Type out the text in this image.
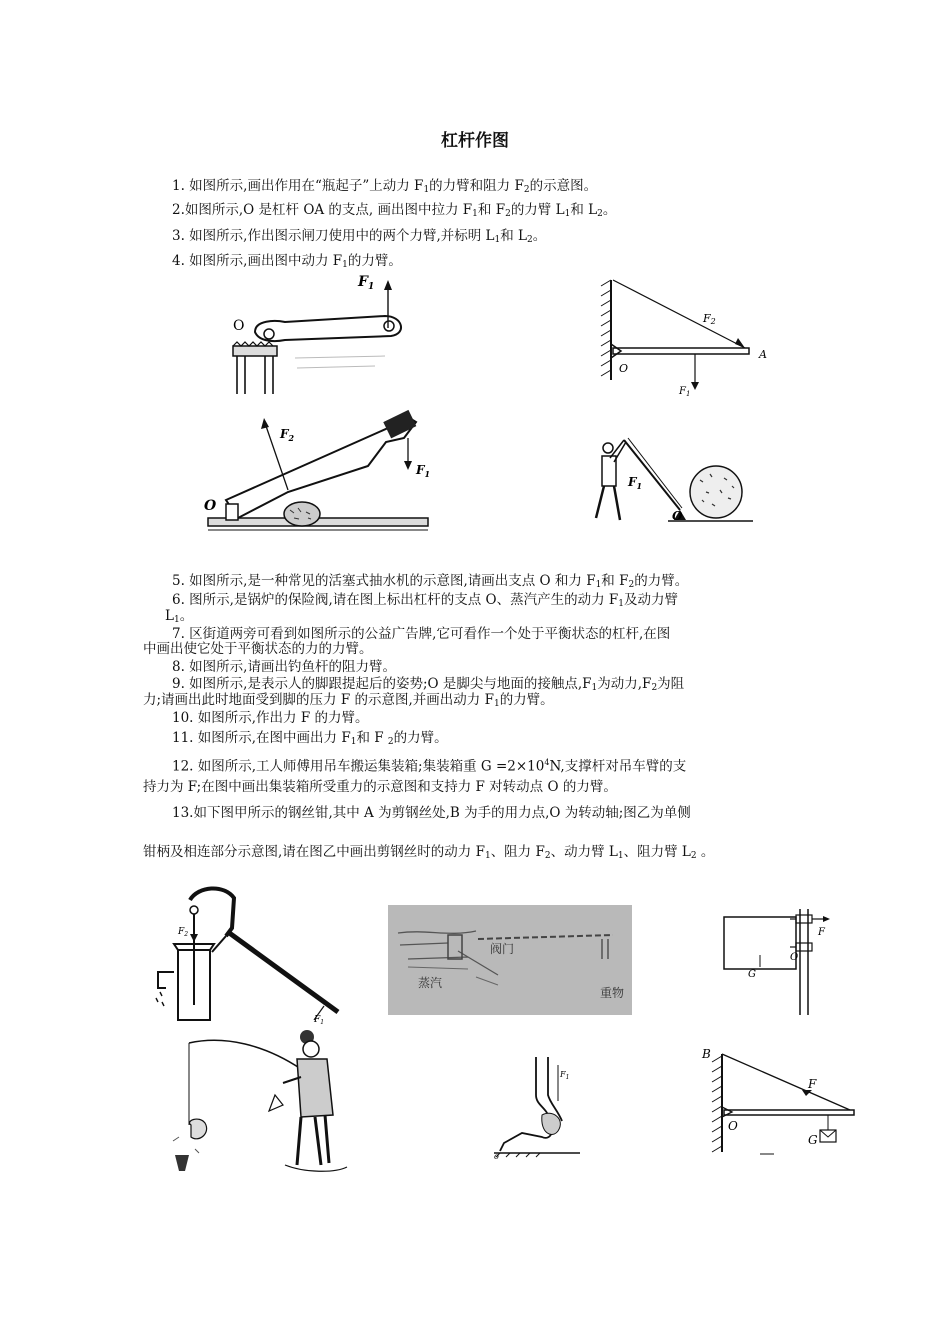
杠杆作图
1. 如图所示,画出作用在“瓶起子”上动力 $F_1$的力臂和阻力 $F_2$的示意图。
2.如图所示,O 是杠杆 OA 的支点, 画出图中拉力 $F_1$和 $F_2$的力臂 $L_1$和 $L_2$。
3. 如图所示,作出图示闸刀使用中的两个力臂,并标明 $L_1$和 $L_2$。
4. 如图所示,画出图中动力 $F_1$的力臂。
O
$F_1$
F2
A
O
$F_1$
$F_2$
$F_1$
O
$F_1$
O
5. 如图所示,是一种常见的活塞式抽水机的示意图,请画出支点 O 和力 $F_1$和 $F_2$的力臂。
6. 图所示,是锅炉的保险阀,请在图上标出杠杆的支点 O、蒸汽产生的动力 $F_1$及动力臂
$L_1$。
7. 区街道两旁可看到如图所示的公益广告牌,它可看作一个处于平衡状态的杠杆,在图
中画出使它处于平衡状态的力的力臂。
8. 如图所示,请画出钓鱼杆的阻力臂。
9. 如图所示,是表示人的脚跟提起后的姿势;O 是脚尖与地面的接触点$,F_1$为动力$,F_2$为阻
力;请画出此时地面受到脚的压力 F 的示意图,并画出动力 $F_1$的力臂。
10. 如图所示,作出力 F 的力臂。
11. 如图所示,在图中画出力 $F_1$和 F $_2$的力臂。
12. 如图所示,工人师傅用吊车搬运集装箱;集装箱重 $G =2\times 10^4N$,支撑杆对吊车臂的支
持力为 F;在图中画出集装箱所受重力的示意图和支持力 F 对转动点 O 的力臂。
13.如下图甲所示的钢丝钳,其中 A 为剪钢丝处,B 为手的用力点,O 为转动轴;图乙为单侧
钳柄及相连部分示意图,请在图乙中画出剪钢丝时的动力 $F_1$、阻力 $F_2$、动力臂 $L_1$、阻力臂 $L_2$ 。
$F_2$
$F_1$
阀门
蒸汽
重物
F
G
O
$F_1$
o
B
F
O
G
